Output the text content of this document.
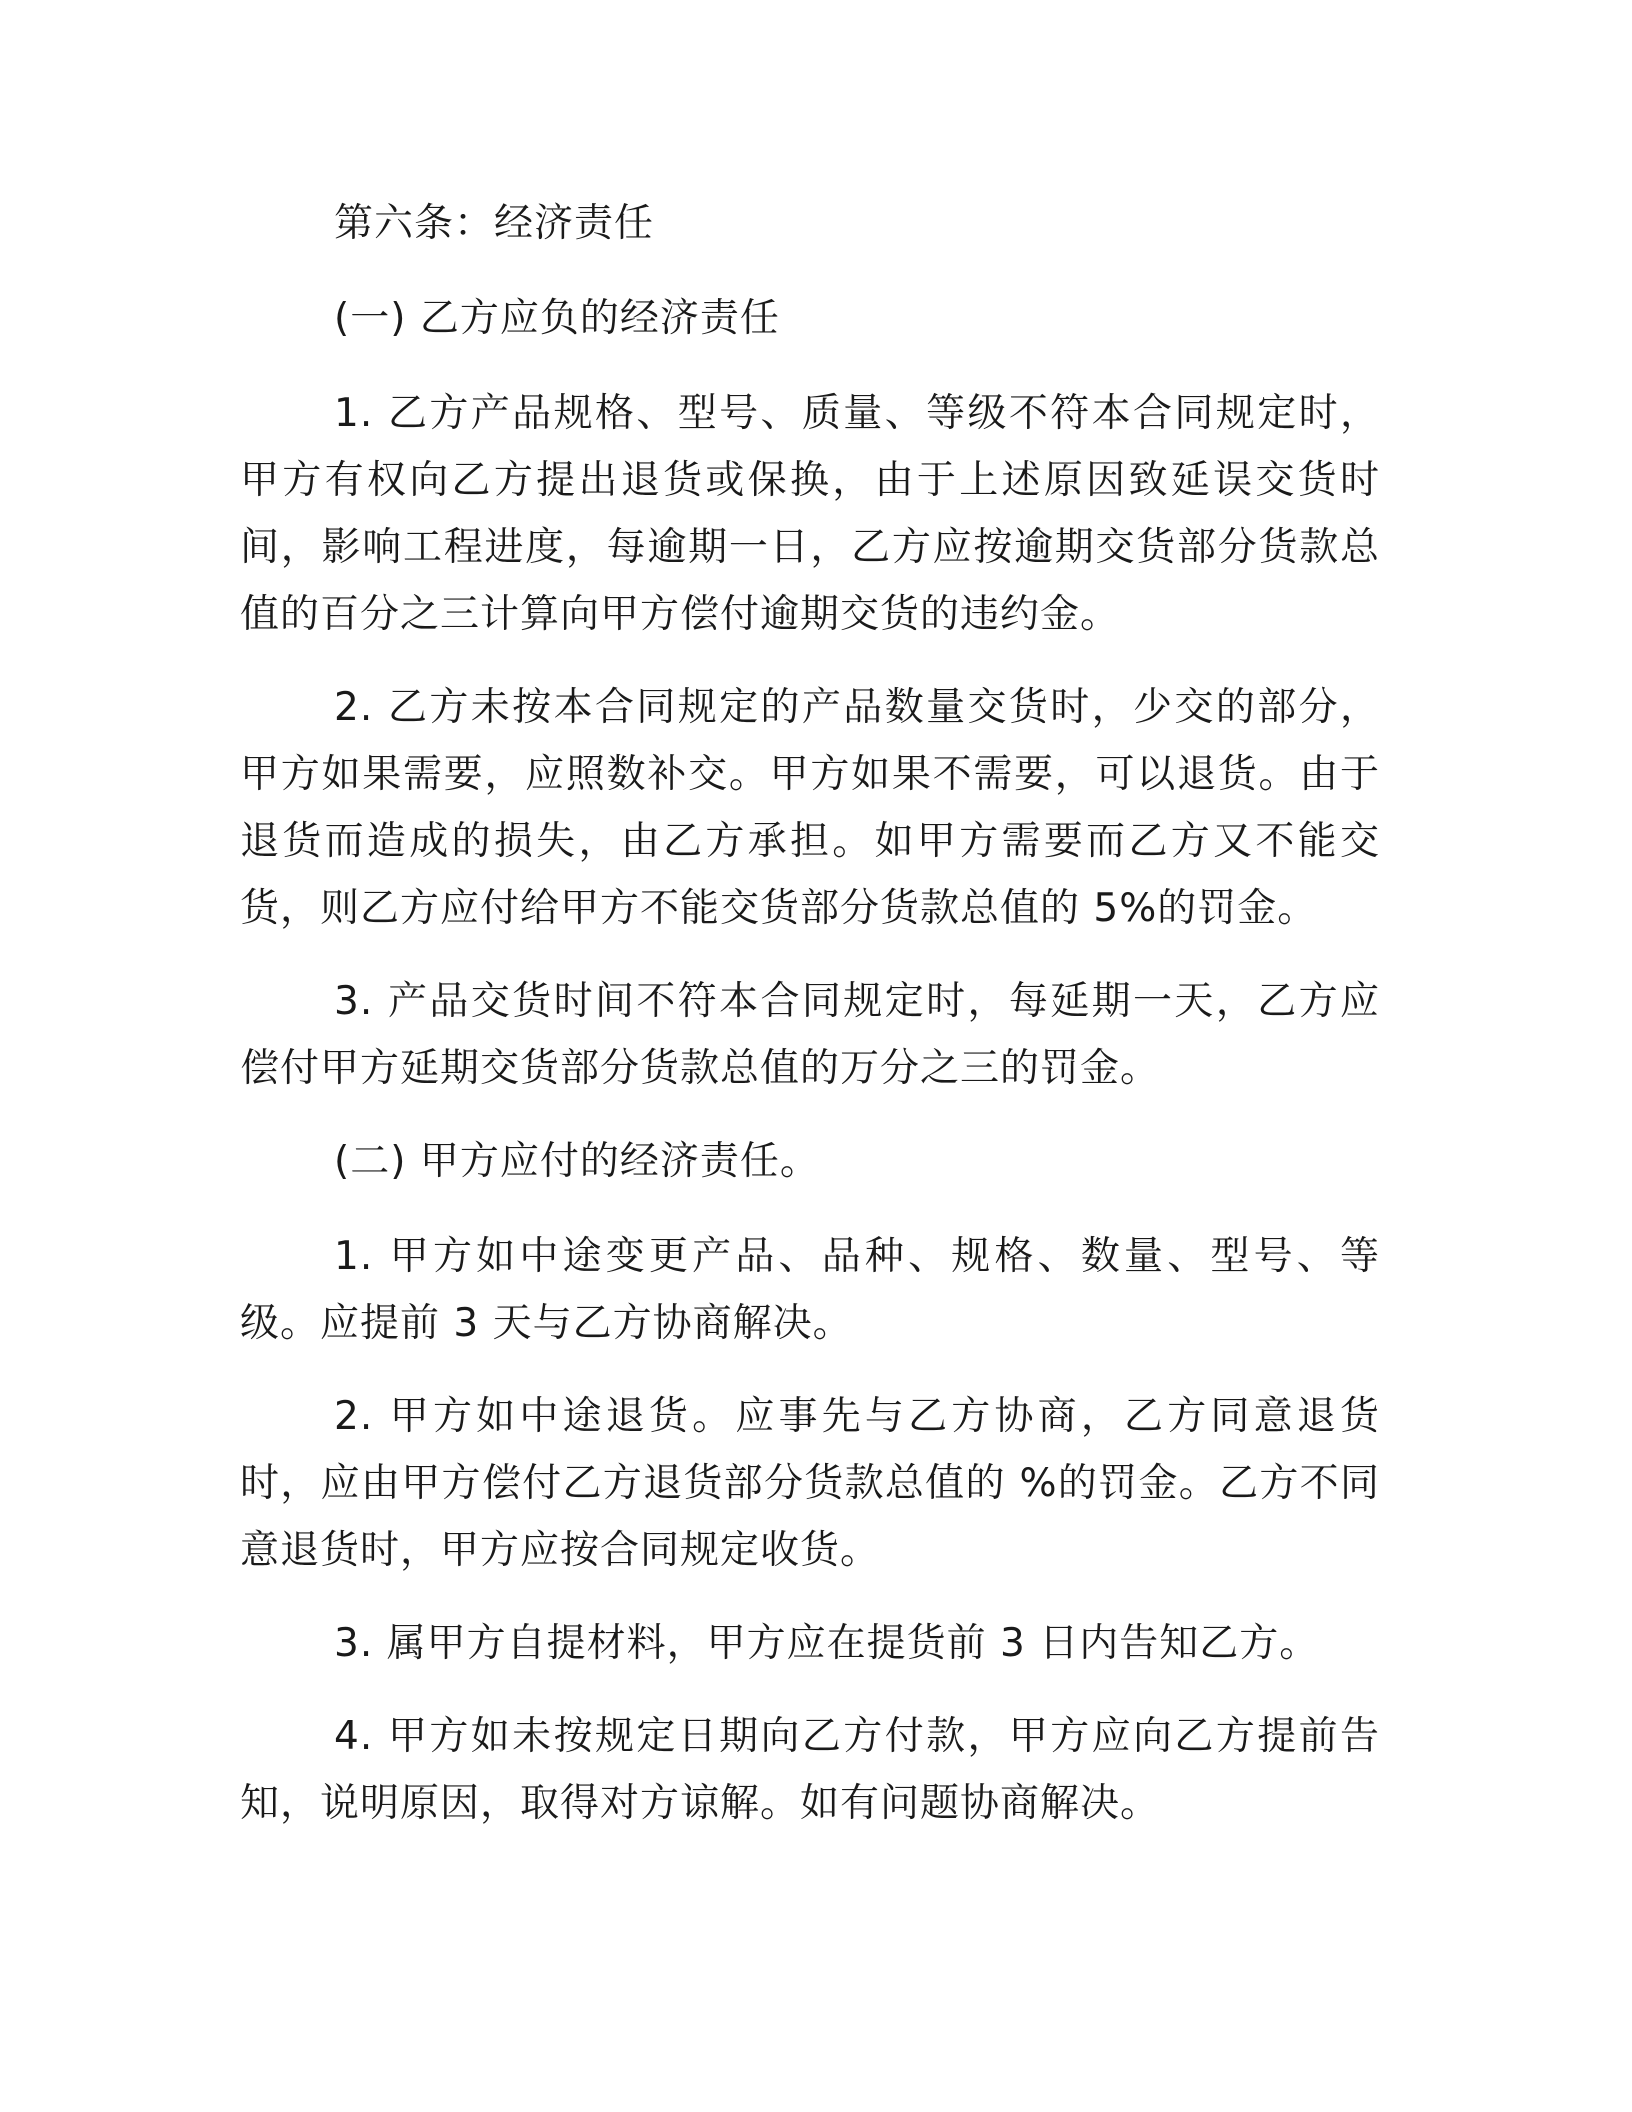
第六条：经济责任

(一) 乙方应负的经济责任

1. 乙方产品规格、型号、质量、等级不符本合同规定时，甲方有权向乙方提出退货或保换，由于上述原因致延误交货时间，影响工程进度，每逾期一日，乙方应按逾期交货部分货款总值的百分之三计算向甲方偿付逾期交货的违约金。

2. 乙方未按本合同规定的产品数量交货时，少交的部分，甲方如果需要，应照数补交。甲方如果不需要，可以退货。由于退货而造成的损失，由乙方承担。如甲方需要而乙方又不能交货，则乙方应付给甲方不能交货部分货款总值的 5%的罚金。

3. 产品交货时间不符本合同规定时，每延期一天，乙方应偿付甲方延期交货部分货款总值的万分之三的罚金。

(二) 甲方应付的经济责任。

1. 甲方如中途变更产品、品种、规格、数量、型号、等级。应提前 3 天与乙方协商解决。

2. 甲方如中途退货。应事先与乙方协商，乙方同意退货时，应由甲方偿付乙方退货部分货款总值的 %的罚金。乙方不同意退货时，甲方应按合同规定收货。

3. 属甲方自提材料，甲方应在提货前 3 日内告知乙方。

4. 甲方如未按规定日期向乙方付款，甲方应向乙方提前告知，说明原因，取得对方谅解。如有问题协商解决。
